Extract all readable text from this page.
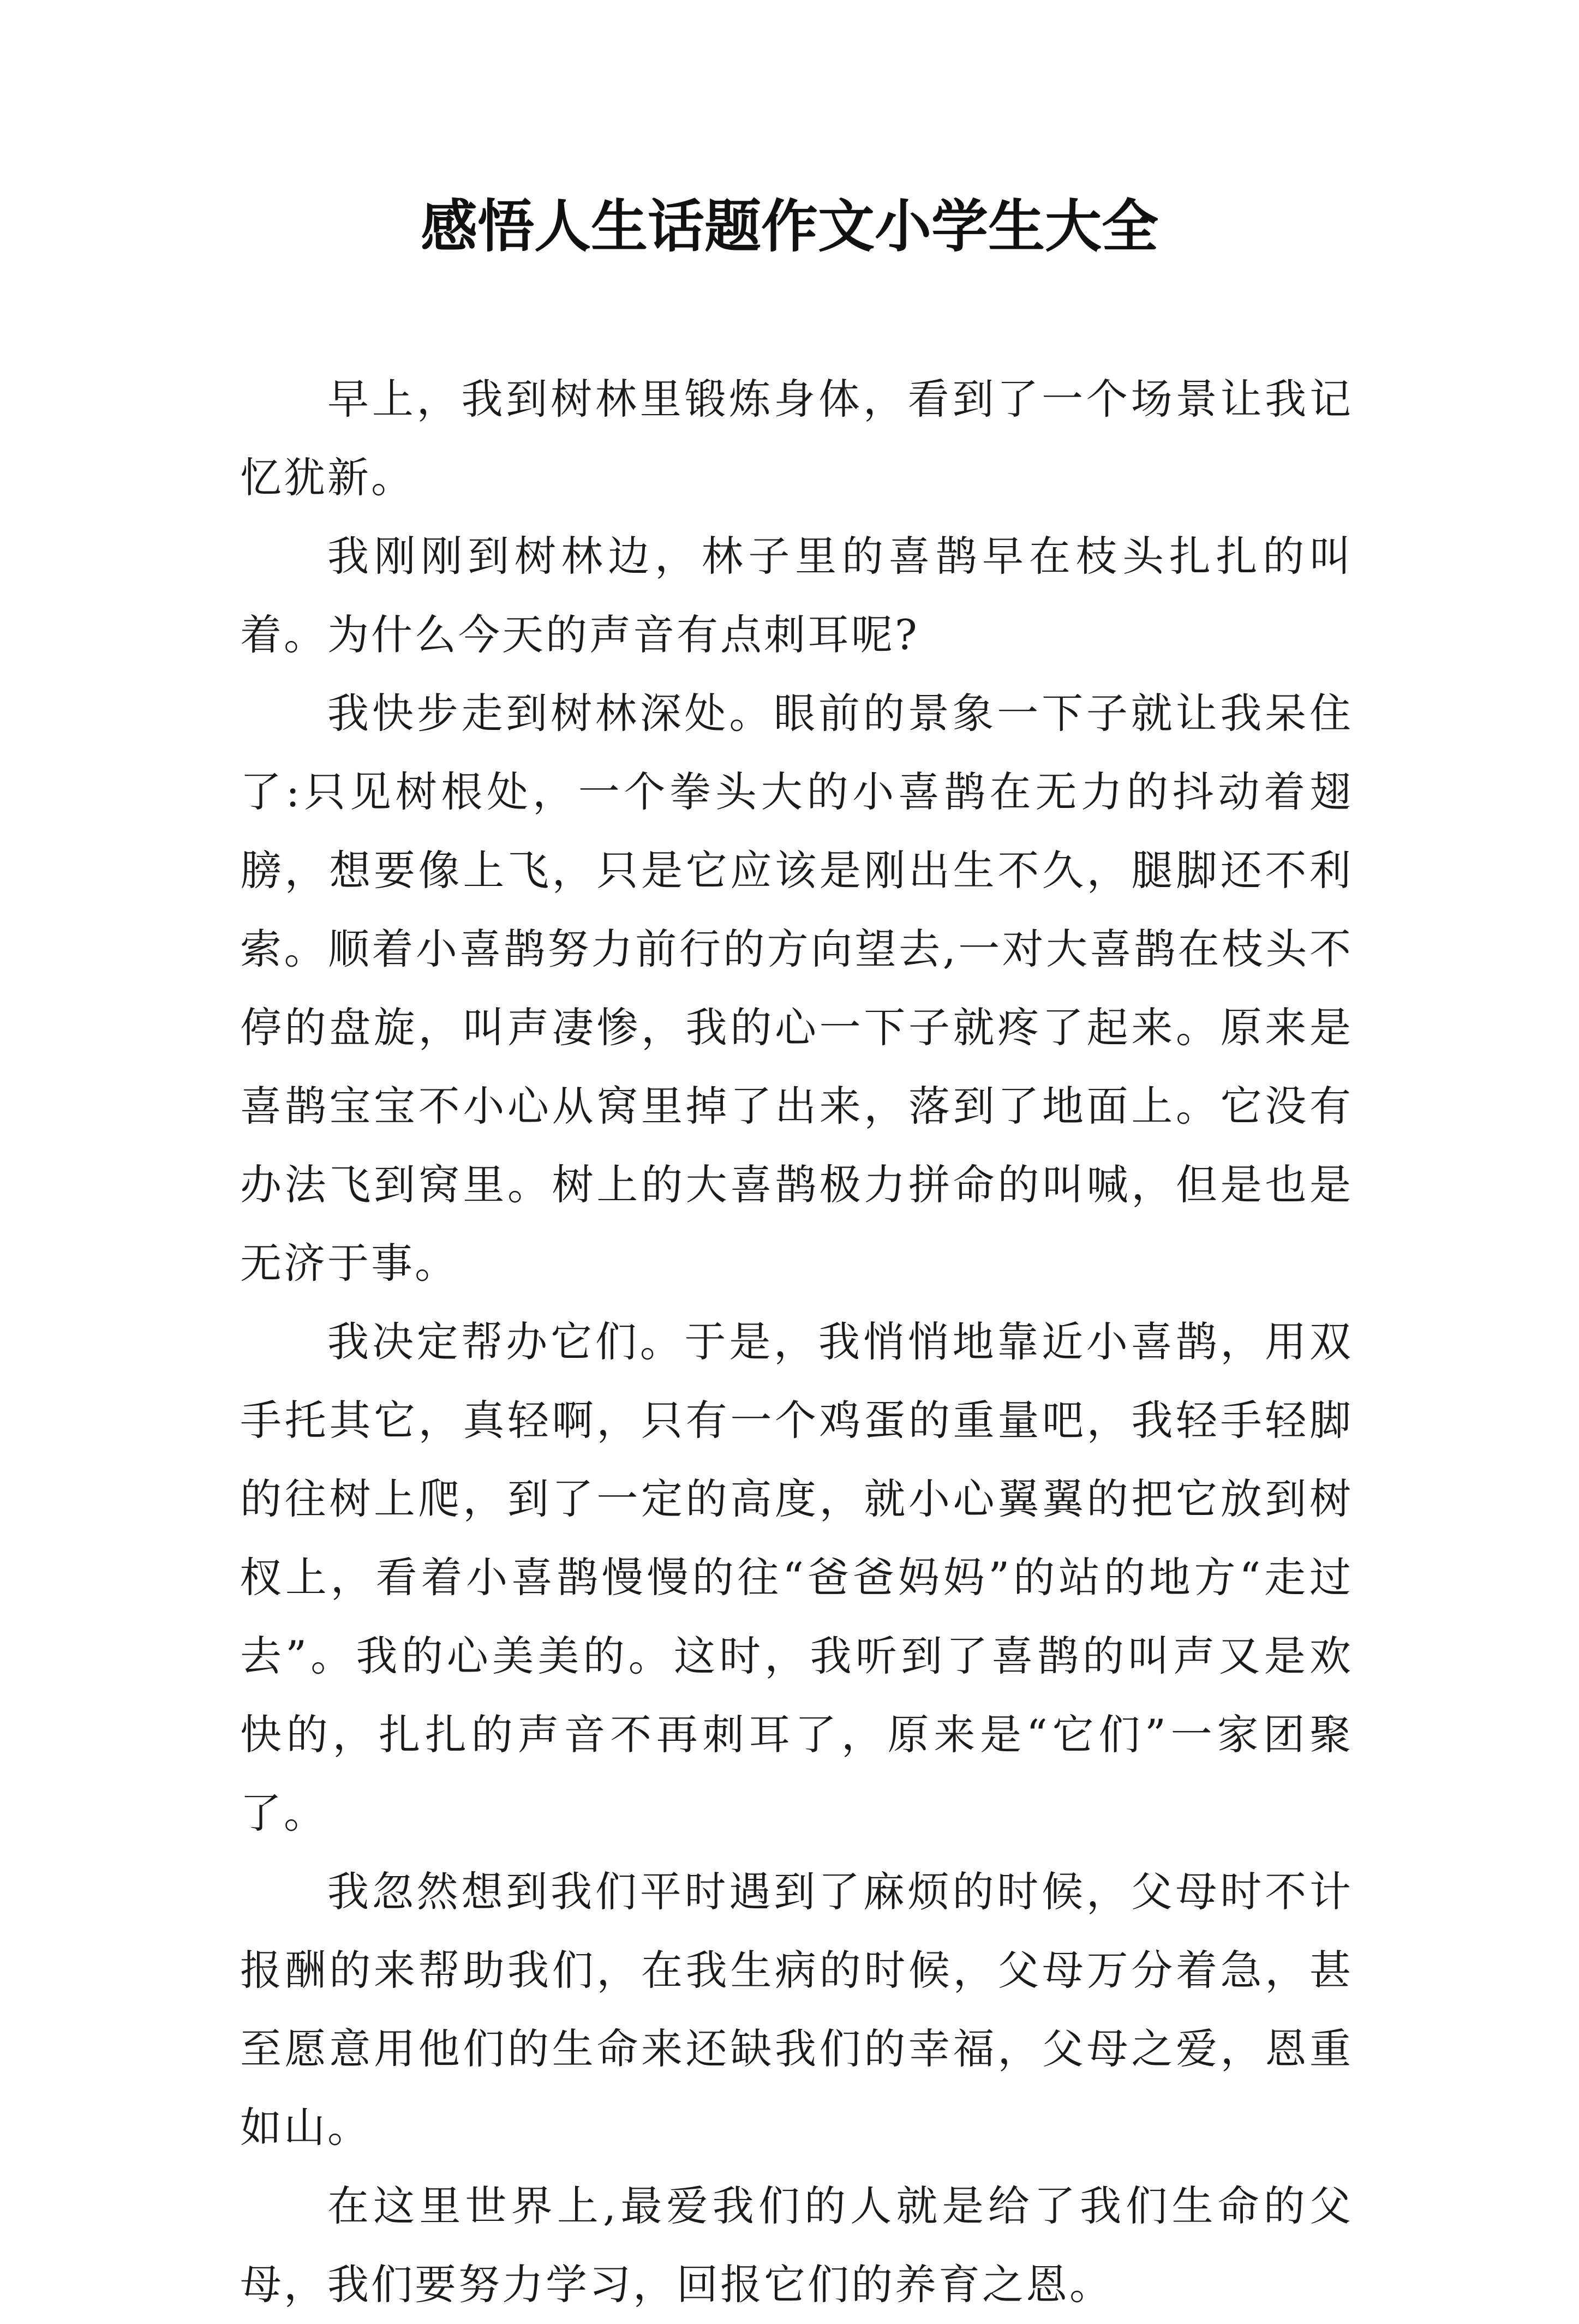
感悟人生话题作文小学生大全

早上，我到树林里锻炼身体，看到了一个场景让我记忆犹新。

我刚刚到树林边，林子里的喜鹊早在枝头扎扎的叫着。为什么今天的声音有点刺耳呢?

我快步走到树林深处。眼前的景象一下子就让我呆住了:只见树根处，一个拳头大的小喜鹊在无力的抖动着翅膀，想要像上飞，只是它应该是刚出生不久，腿脚还不利索。顺着小喜鹊努力前行的方向望去,一对大喜鹊在枝头不停的盘旋，叫声凄惨，我的心一下子就疼了起来。原来是喜鹊宝宝不小心从窝里掉了出来，落到了地面上。它没有办法飞到窝里。树上的大喜鹊极力拼命的叫喊，但是也是无济于事。

我决定帮办它们。于是，我悄悄地靠近小喜鹊，用双手托其它，真轻啊，只有一个鸡蛋的重量吧，我轻手轻脚的往树上爬，到了一定的高度，就小心翼翼的把它放到树杈上，看着小喜鹊慢慢的往“爸爸妈妈”的站的地方“走过去”。我的心美美的。这时，我听到了喜鹊的叫声又是欢快的，扎扎的声音不再刺耳了，原来是“它们”一家团聚了。

我忽然想到我们平时遇到了麻烦的时候，父母时不计报酬的来帮助我们，在我生病的时候，父母万分着急，甚至愿意用他们的生命来还缺我们的幸福，父母之爱，恩重如山。

在这里世界上,最爱我们的人就是给了我们生命的父母，我们要努力学习，回报它们的养育之恩。
